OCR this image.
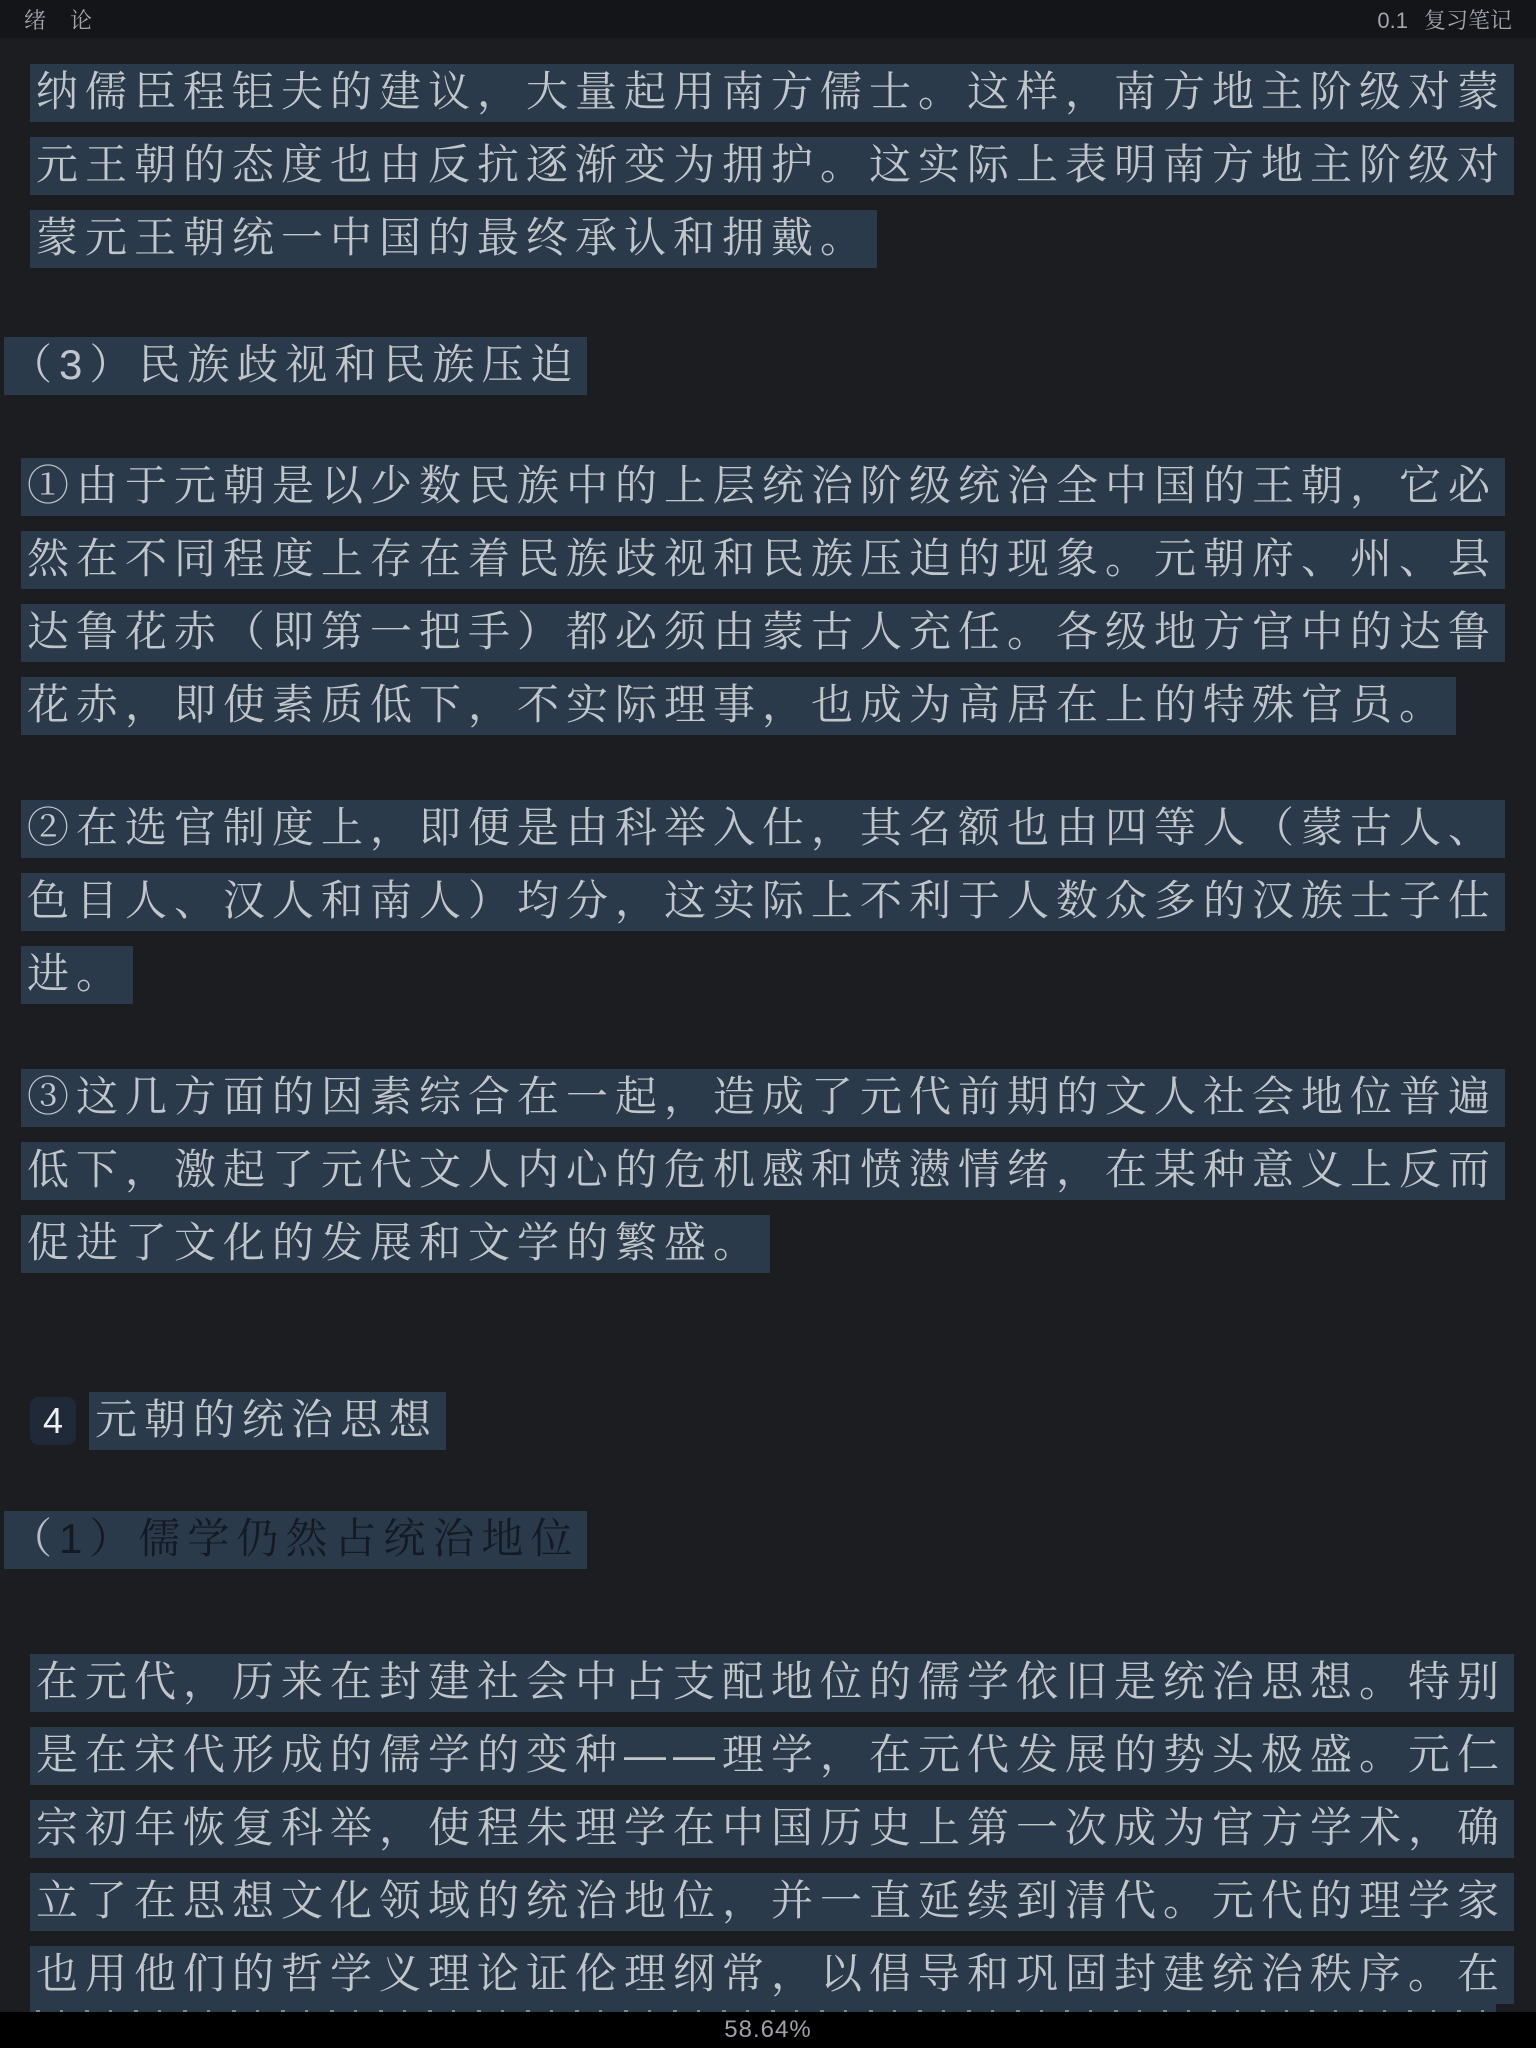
绪　论	0.1 复习笔记
纳儒臣程钜夫的建议，大量起用南方儒士。这样，南方地主阶级对蒙
元王朝的态度也由反抗逐渐变为拥护。这实际上表明南方地主阶级对
蒙元王朝统一中国的最终承认和拥戴。
（3）民族歧视和民族压迫
①由于元朝是以少数民族中的上层统治阶级统治全中国的王朝，它必
然在不同程度上存在着民族歧视和民族压迫的现象。元朝府、州、县
达鲁花赤（即第一把手）都必须由蒙古人充任。各级地方官中的达鲁
花赤，即使素质低下，不实际理事，也成为高居在上的特殊官员。
②在选官制度上，即便是由科举入仕，其名额也由四等人（蒙古人、
色目人、汉人和南人）均分，这实际上不利于人数众多的汉族士子仕
进。
③这几方面的因素综合在一起，造成了元代前期的文人社会地位普遍
低下，激起了元代文人内心的危机感和愤懑情绪，在某种意义上反而
促进了文化的发展和文学的繁盛。
4 元朝的统治思想
（1）儒学仍然占统治地位
在元代，历来在封建社会中占支配地位的儒学依旧是统治思想。特别
是在宋代形成的儒学的变种——理学，在元代发展的势头极盛。元仁
宗初年恢复科举，使程朱理学在中国历史上第一次成为官方学术，确
立了在思想文化领域的统治地位，并一直延续到清代。元代的理学家
也用他们的哲学义理论证伦理纲常，以倡导和巩固封建统治秩序。在
58.64%
